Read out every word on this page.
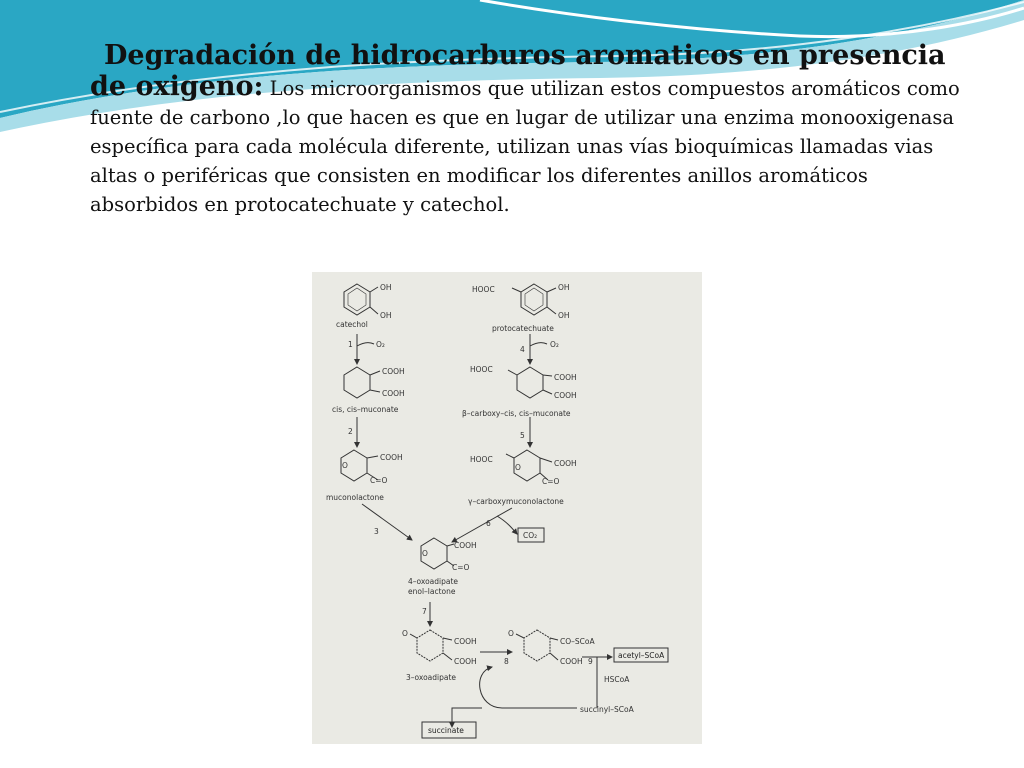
Degradación de hidrocarburos aromaticos en presencia de oxigeno: Los microorganismos que utilizan estos compuestos aromáticos como fuente de carbono ,lo que hacen es que en lugar de utilizar una enzima monooxigenasa específica para cada molécula diferente, utilizan unas vías bioquímicas llamadas vias altas o periféricas que consisten en modificar los diferentes anillos aromáticos absorbidos en protocatechuate y catechol.

OH
OH
catechol
1	O₂
COOH
COOH
cis, cis–muconate
2
COOH
O
C=O
muconolactone
3
HOOC	OH
OH
protocatechuate
4
O₂
HOOC
COOH
COOH
β–carboxy–cis, cis–muconate
5
HOOC	COOH
O
C=O
γ–carboxymuconolactone
6
CO₂
COOH
O
C=O
4–oxoadipate
enol–lactone
7
O
COOH
COOH
3–oxoadipate
8
O
CO–SCoA
COOH 9
acetyl–SCoA
HSCoA
succinyl–SCoA
succinate
